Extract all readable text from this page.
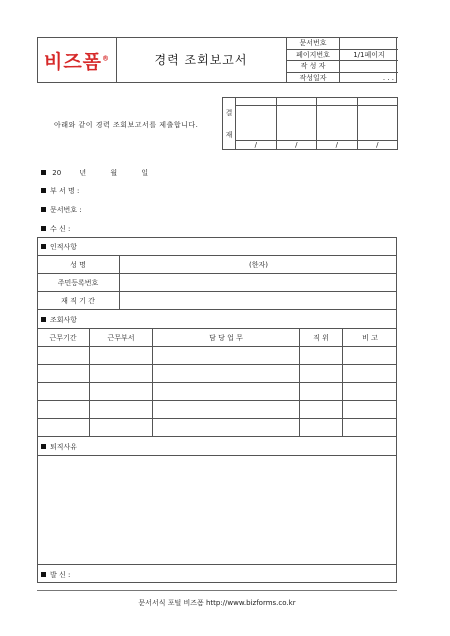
비즈폼®	경력 조회보고서
문서번호	
페이지번호	1/1페이지
작 성 자	
작성일자	. . .
아래와 같이 경력 조회보고서를 제출합니다.
결
재				

	/	/	/	/
20	년	월	일
부 서 명 :
문서번호 :
수 신 :
인적사항
성 명	(한자)
주민등록번호	
재 직 기 간	
조회사항
근무기간	근무부서	담 당 업 무	직 위	비 고

퇴직사유
발 신 :
문서서식 포털 비즈폼 http://www.bizforms.co.kr
